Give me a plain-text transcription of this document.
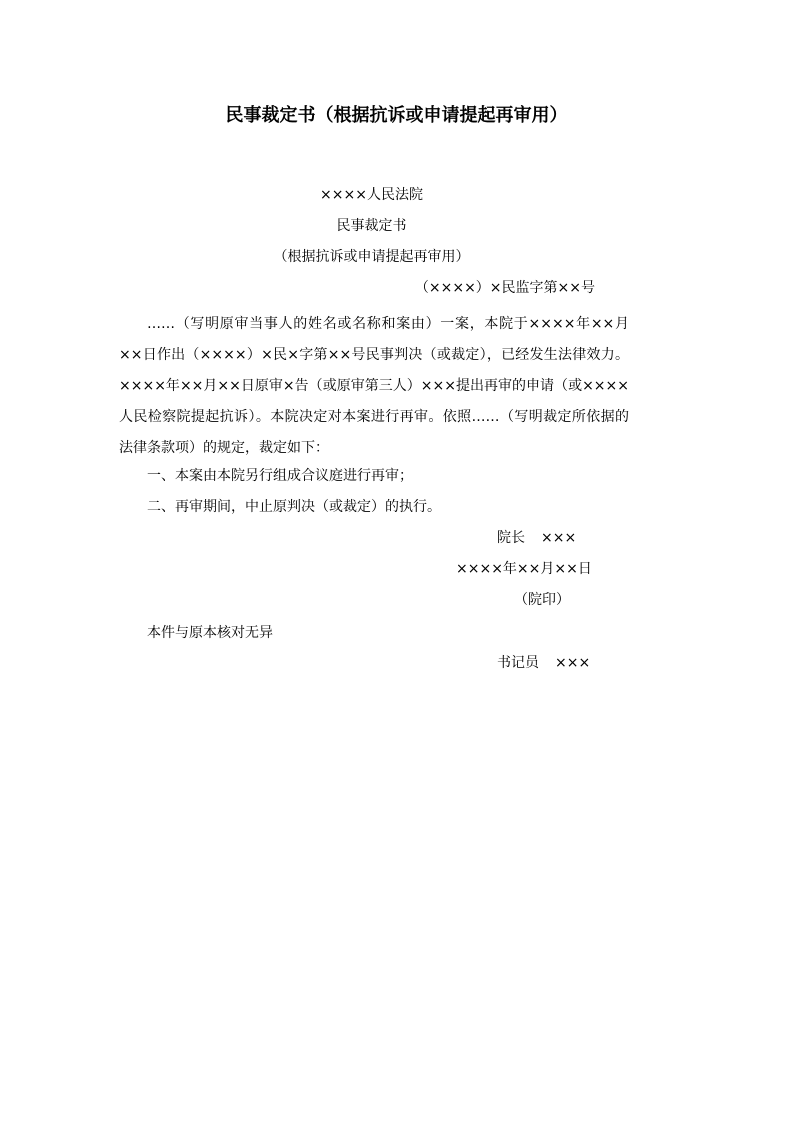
民事裁定书（根据抗诉或申请提起再审用）
××××人民法院
民事裁定书
（根据抗诉或申请提起再审用）
（××××）×民监字第××号
……（写明原审当事人的姓名或名称和案由）一案，本院于××××年××月××日作出（××××）×民×字第××号民事判决（或裁定），已经发生法律效力。××××年××月××日原审×告（或原审第三人）×××提出再审的申请（或××××人民检察院提起抗诉）。本院决定对本案进行再审。依照……（写明裁定所依据的法律条款项）的规定，裁定如下：
一、本案由本院另行组成合议庭进行再审；
二、再审期间，中止原判决（或裁定）的执行。
院长 ×××
××××年××月××日
（院印）
本件与原本核对无异
书记员 ×××
